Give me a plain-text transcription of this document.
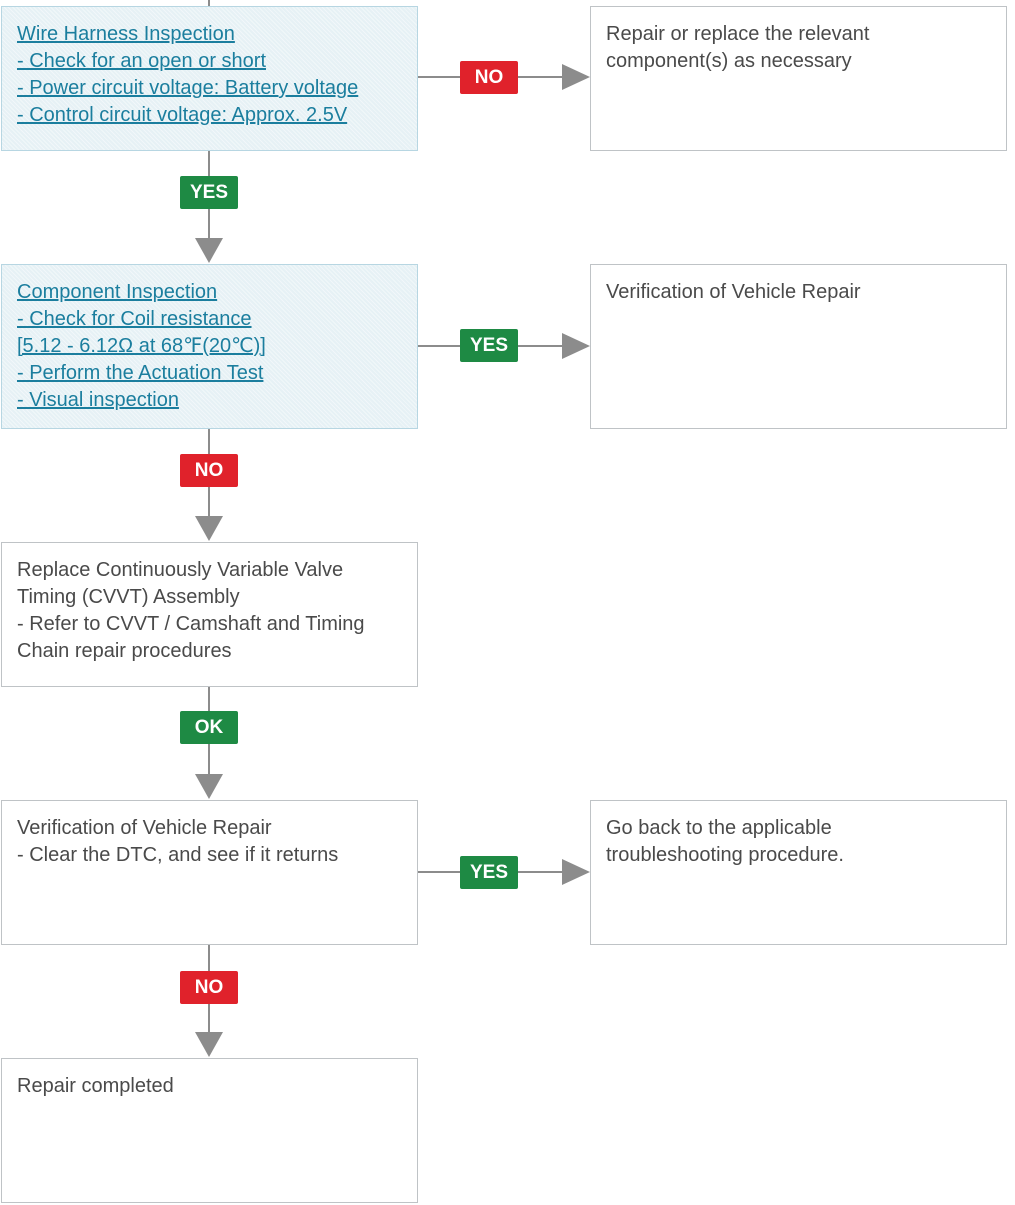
Wire Harness Inspection
- Check for an open or short
- Power circuit voltage: Battery voltage
- Control circuit voltage: Approx. 2.5V
Repair or replace the relevant
component(s) as necessary
Component Inspection
- Check for Coil resistance
[5.12 - 6.12Ω at 68℉(20℃)]
- Perform the Actuation Test
- Visual inspection
Verification of Vehicle Repair
Replace Continuously Variable Valve
Timing (CVVT) Assembly
- Refer to CVVT / Camshaft and Timing
Chain repair procedures
Verification of Vehicle Repair
- Clear the DTC, and see if it returns
Go back to the applicable
troubleshooting procedure.
Repair completed
NO
YES
YES
NO
OK
YES
NO
